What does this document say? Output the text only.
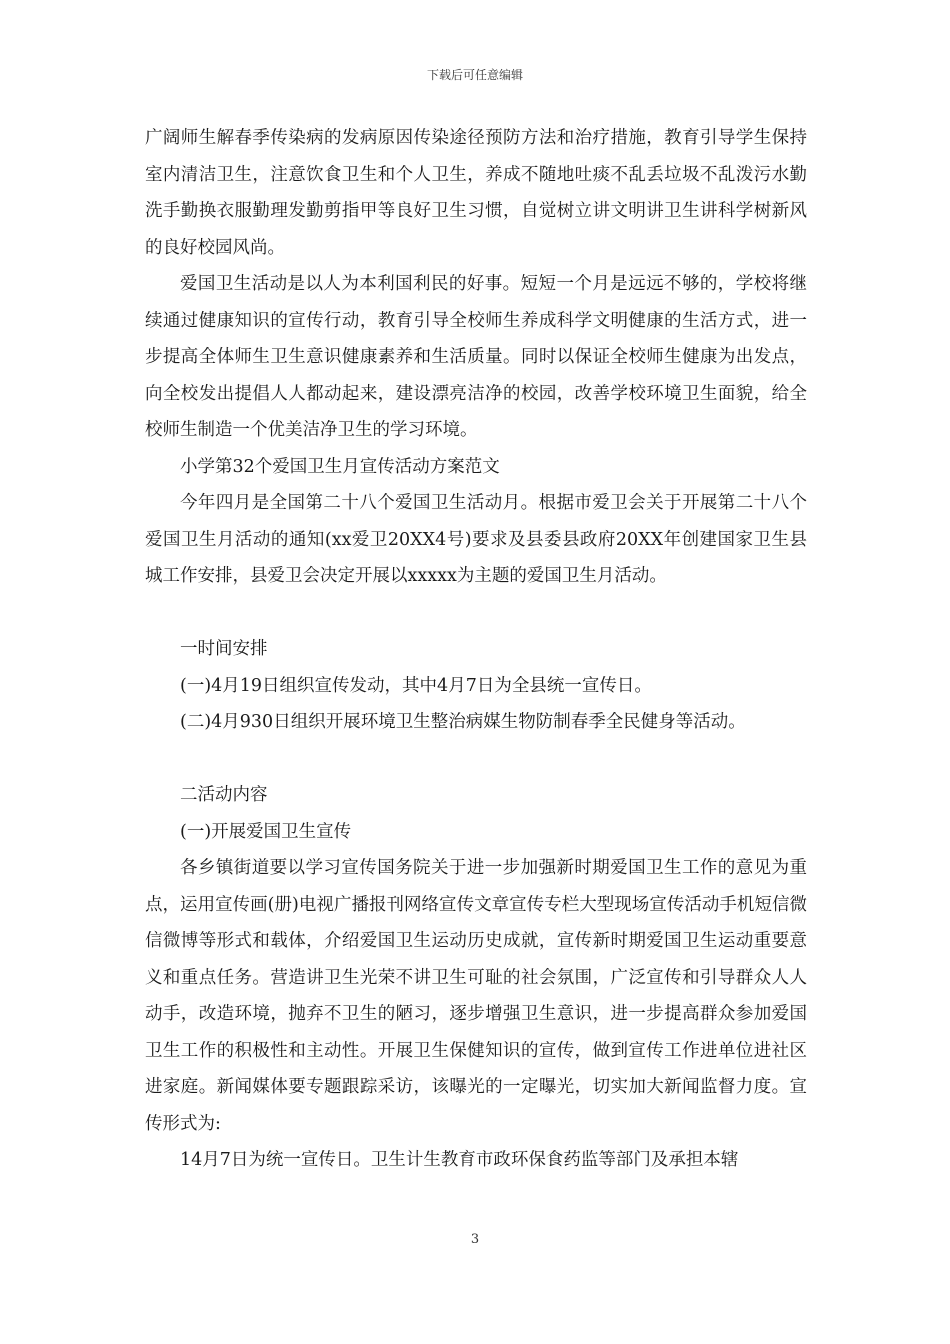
下载后可任意编辑

广阔师生解春季传染病的发病原因传染途径预防方法和治疗措施，教育引导学生保持室内清洁卫生，注意饮食卫生和个人卫生，养成不随地吐痰不乱丢垃圾不乱泼污水勤洗手勤换衣服勤理发勤剪指甲等良好卫生习惯，自觉树立讲文明讲卫生讲科学树新风的良好校园风尚。

爱国卫生活动是以人为本利国利民的好事。短短一个月是远远不够的，学校将继续通过健康知识的宣传行动，教育引导全校师生养成科学文明健康的生活方式，进一步提高全体师生卫生意识健康素养和生活质量。同时以保证全校师生健康为出发点，向全校发出提倡人人都动起来，建设漂亮洁净的校园，改善学校环境卫生面貌，给全校师生制造一个优美洁净卫生的学习环境。

小学第32个爱国卫生月宣传活动方案范文

今年四月是全国第二十八个爱国卫生活动月。根据市爱卫会关于开展第二十八个爱国卫生月活动的通知(xx爱卫20XX4号)要求及县委县政府20XX年创建国家卫生县城工作安排，县爱卫会决定开展以xxxxx为主题的爱国卫生月活动。

一时间安排

(一)4月19日组织宣传发动，其中4月7日为全县统一宣传日。

(二)4月930日组织开展环境卫生整治病媒生物防制春季全民健身等活动。

二活动内容

(一)开展爱国卫生宣传

各乡镇街道要以学习宣传国务院关于进一步加强新时期爱国卫生工作的意见为重点，运用宣传画(册)电视广播报刊网络宣传文章宣传专栏大型现场宣传活动手机短信微信微博等形式和载体，介绍爱国卫生运动历史成就，宣传新时期爱国卫生运动重要意义和重点任务。营造讲卫生光荣不讲卫生可耻的社会氛围，广泛宣传和引导群众人人动手，改造环境，抛弃不卫生的陋习，逐步增强卫生意识，进一步提高群众参加爱国卫生工作的积极性和主动性。开展卫生保健知识的宣传，做到宣传工作进单位进社区进家庭。新闻媒体要专题跟踪采访，该曝光的一定曝光，切实加大新闻监督力度。宣传形式为:

14月7日为统一宣传日。卫生计生教育市政环保食药监等部门及承担本辖

3
